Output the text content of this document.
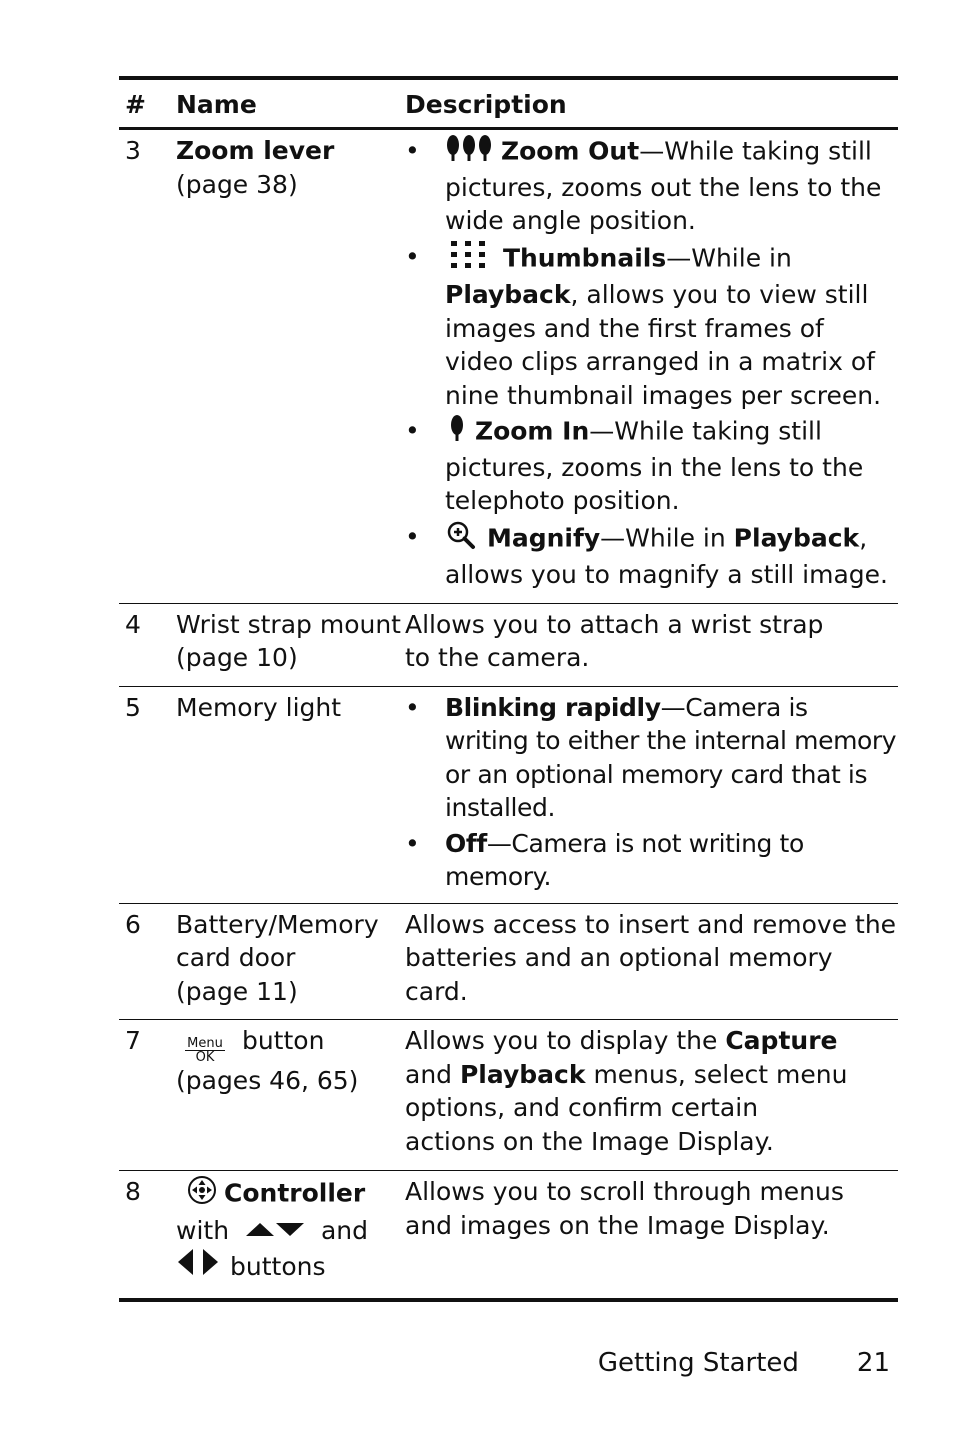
#	Name	Description
3	Zoom lever
(page 38)
• Zoom Out—While taking still pictures, zooms out the lens to the wide angle position.
• Thumbnails—While in Playback, allows you to view still images and the first frames of video clips arranged in a matrix of nine thumbnail images per screen.
• Zoom In—While taking still pictures, zooms in the lens to the telephoto position.
• Magnify—While in Playback, allows you to magnify a still image.
4	Wrist strap mount
(page 10)
Allows you to attach a wrist strap to the camera.
5	Memory light
•	Blinking rapidly—Camera is writing to either the internal memory or an optional memory card that is installed.
• Off—Camera is not writing to memory.
6	Battery/Memory
card door
(page 11)
Allows access to insert and remove the batteries and an optional memory card.
7	Menu
OK
button
(pages 46, 65)
Allows you to display the Capture and Playback menus, select menu options, and confirm certain actions on the Image Display.
8	Controller

with	and
buttons
Allows you to scroll through menus and images on the Image Display.
Getting Started 21
